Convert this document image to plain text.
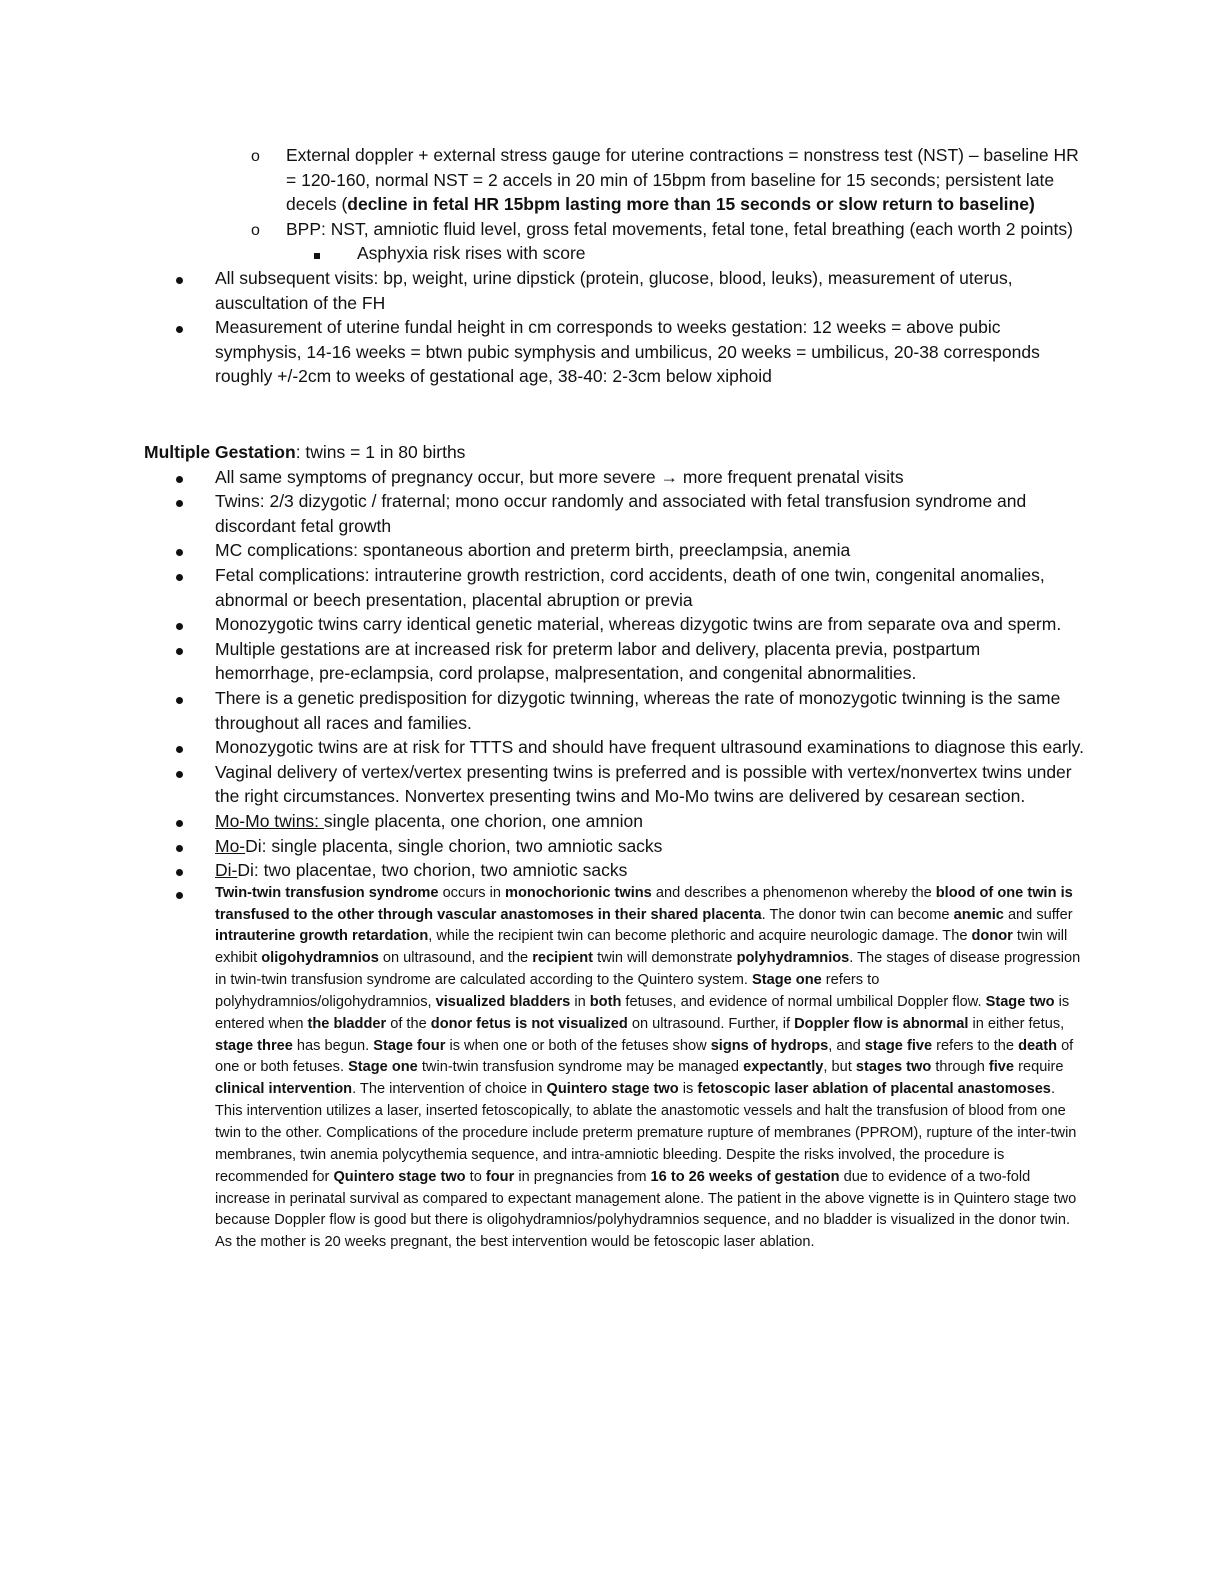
o External doppler + external stress gauge for uterine contractions = nonstress test (NST) – baseline HR = 120-160, normal NST = 2 accels in 20 min of 15bpm from baseline for 15 seconds; persistent late decels (decline in fetal HR 15bpm lasting more than 15 seconds or slow return to baseline)
o BPP: NST, amniotic fluid level, gross fetal movements, fetal tone, fetal breathing (each worth 2 points)
Asphyxia risk rises with score
All subsequent visits: bp, weight, urine dipstick (protein, glucose, blood, leuks), measurement of uterus, auscultation of the FH
Measurement of uterine fundal height in cm corresponds to weeks gestation: 12 weeks = above pubic symphysis, 14-16 weeks = btwn pubic symphysis and umbilicus, 20 weeks = umbilicus, 20-38 corresponds roughly +/-2cm to weeks of gestational age, 38-40: 2-3cm below xiphoid
Multiple Gestation: twins = 1 in 80 births
All same symptoms of pregnancy occur, but more severe → more frequent prenatal visits
Twins: 2/3 dizygotic / fraternal; mono occur randomly and associated with fetal transfusion syndrome and discordant fetal growth
MC complications: spontaneous abortion and preterm birth, preeclampsia, anemia
Fetal complications: intrauterine growth restriction, cord accidents, death of one twin, congenital anomalies, abnormal or beech presentation, placental abruption or previa
Monozygotic twins carry identical genetic material, whereas dizygotic twins are from separate ova and sperm.
Multiple gestations are at increased risk for preterm labor and delivery, placenta previa, postpartum hemorrhage, pre-eclampsia, cord prolapse, malpresentation, and congenital abnormalities.
There is a genetic predisposition for dizygotic twinning, whereas the rate of monozygotic twinning is the same throughout all races and families.
Monozygotic twins are at risk for TTTS and should have frequent ultrasound examinations to diagnose this early.
Vaginal delivery of vertex/vertex presenting twins is preferred and is possible with vertex/nonvertex twins under the right circumstances. Nonvertex presenting twins and Mo-Mo twins are delivered by cesarean section.
Mo-Mo twins: single placenta, one chorion, one amnion
Mo-Di: single placenta, single chorion, two amniotic sacks
Di-Di: two placentae, two chorion, two amniotic sacks
Twin-twin transfusion syndrome occurs in monochorionic twins and describes a phenomenon whereby the blood of one twin is transfused to the other through vascular anastomoses in their shared placenta. The donor twin can become anemic and suffer intrauterine growth retardation, while the recipient twin can become plethoric and acquire neurologic damage. The donor twin will exhibit oligohydramnios on ultrasound, and the recipient twin will demonstrate polyhydramnios. The stages of disease progression in twin-twin transfusion syndrome are calculated according to the Quintero system. Stage one refers to polyhydramnios/oligohydramnios, visualized bladders in both fetuses, and evidence of normal umbilical Doppler flow. Stage two is entered when the bladder of the donor fetus is not visualized on ultrasound. Further, if Doppler flow is abnormal in either fetus, stage three has begun. Stage four is when one or both of the fetuses show signs of hydrops, and stage five refers to the death of one or both fetuses. Stage one twin-twin transfusion syndrome may be managed expectantly, but stages two through five require clinical intervention. The intervention of choice in Quintero stage two is fetoscopic laser ablation of placental anastomoses. This intervention utilizes a laser, inserted fetoscopically, to ablate the anastomotic vessels and halt the transfusion of blood from one twin to the other. Complications of the procedure include preterm premature rupture of membranes (PPROM), rupture of the inter-twin membranes, twin anemia polycythemia sequence, and intra-amniotic bleeding. Despite the risks involved, the procedure is recommended for Quintero stage two to four in pregnancies from 16 to 26 weeks of gestation due to evidence of a two-fold increase in perinatal survival as compared to expectant management alone. The patient in the above vignette is in Quintero stage two because Doppler flow is good but there is oligohydramnios/polyhydramnios sequence, and no bladder is visualized in the donor twin. As the mother is 20 weeks pregnant, the best intervention would be fetoscopic laser ablation.
